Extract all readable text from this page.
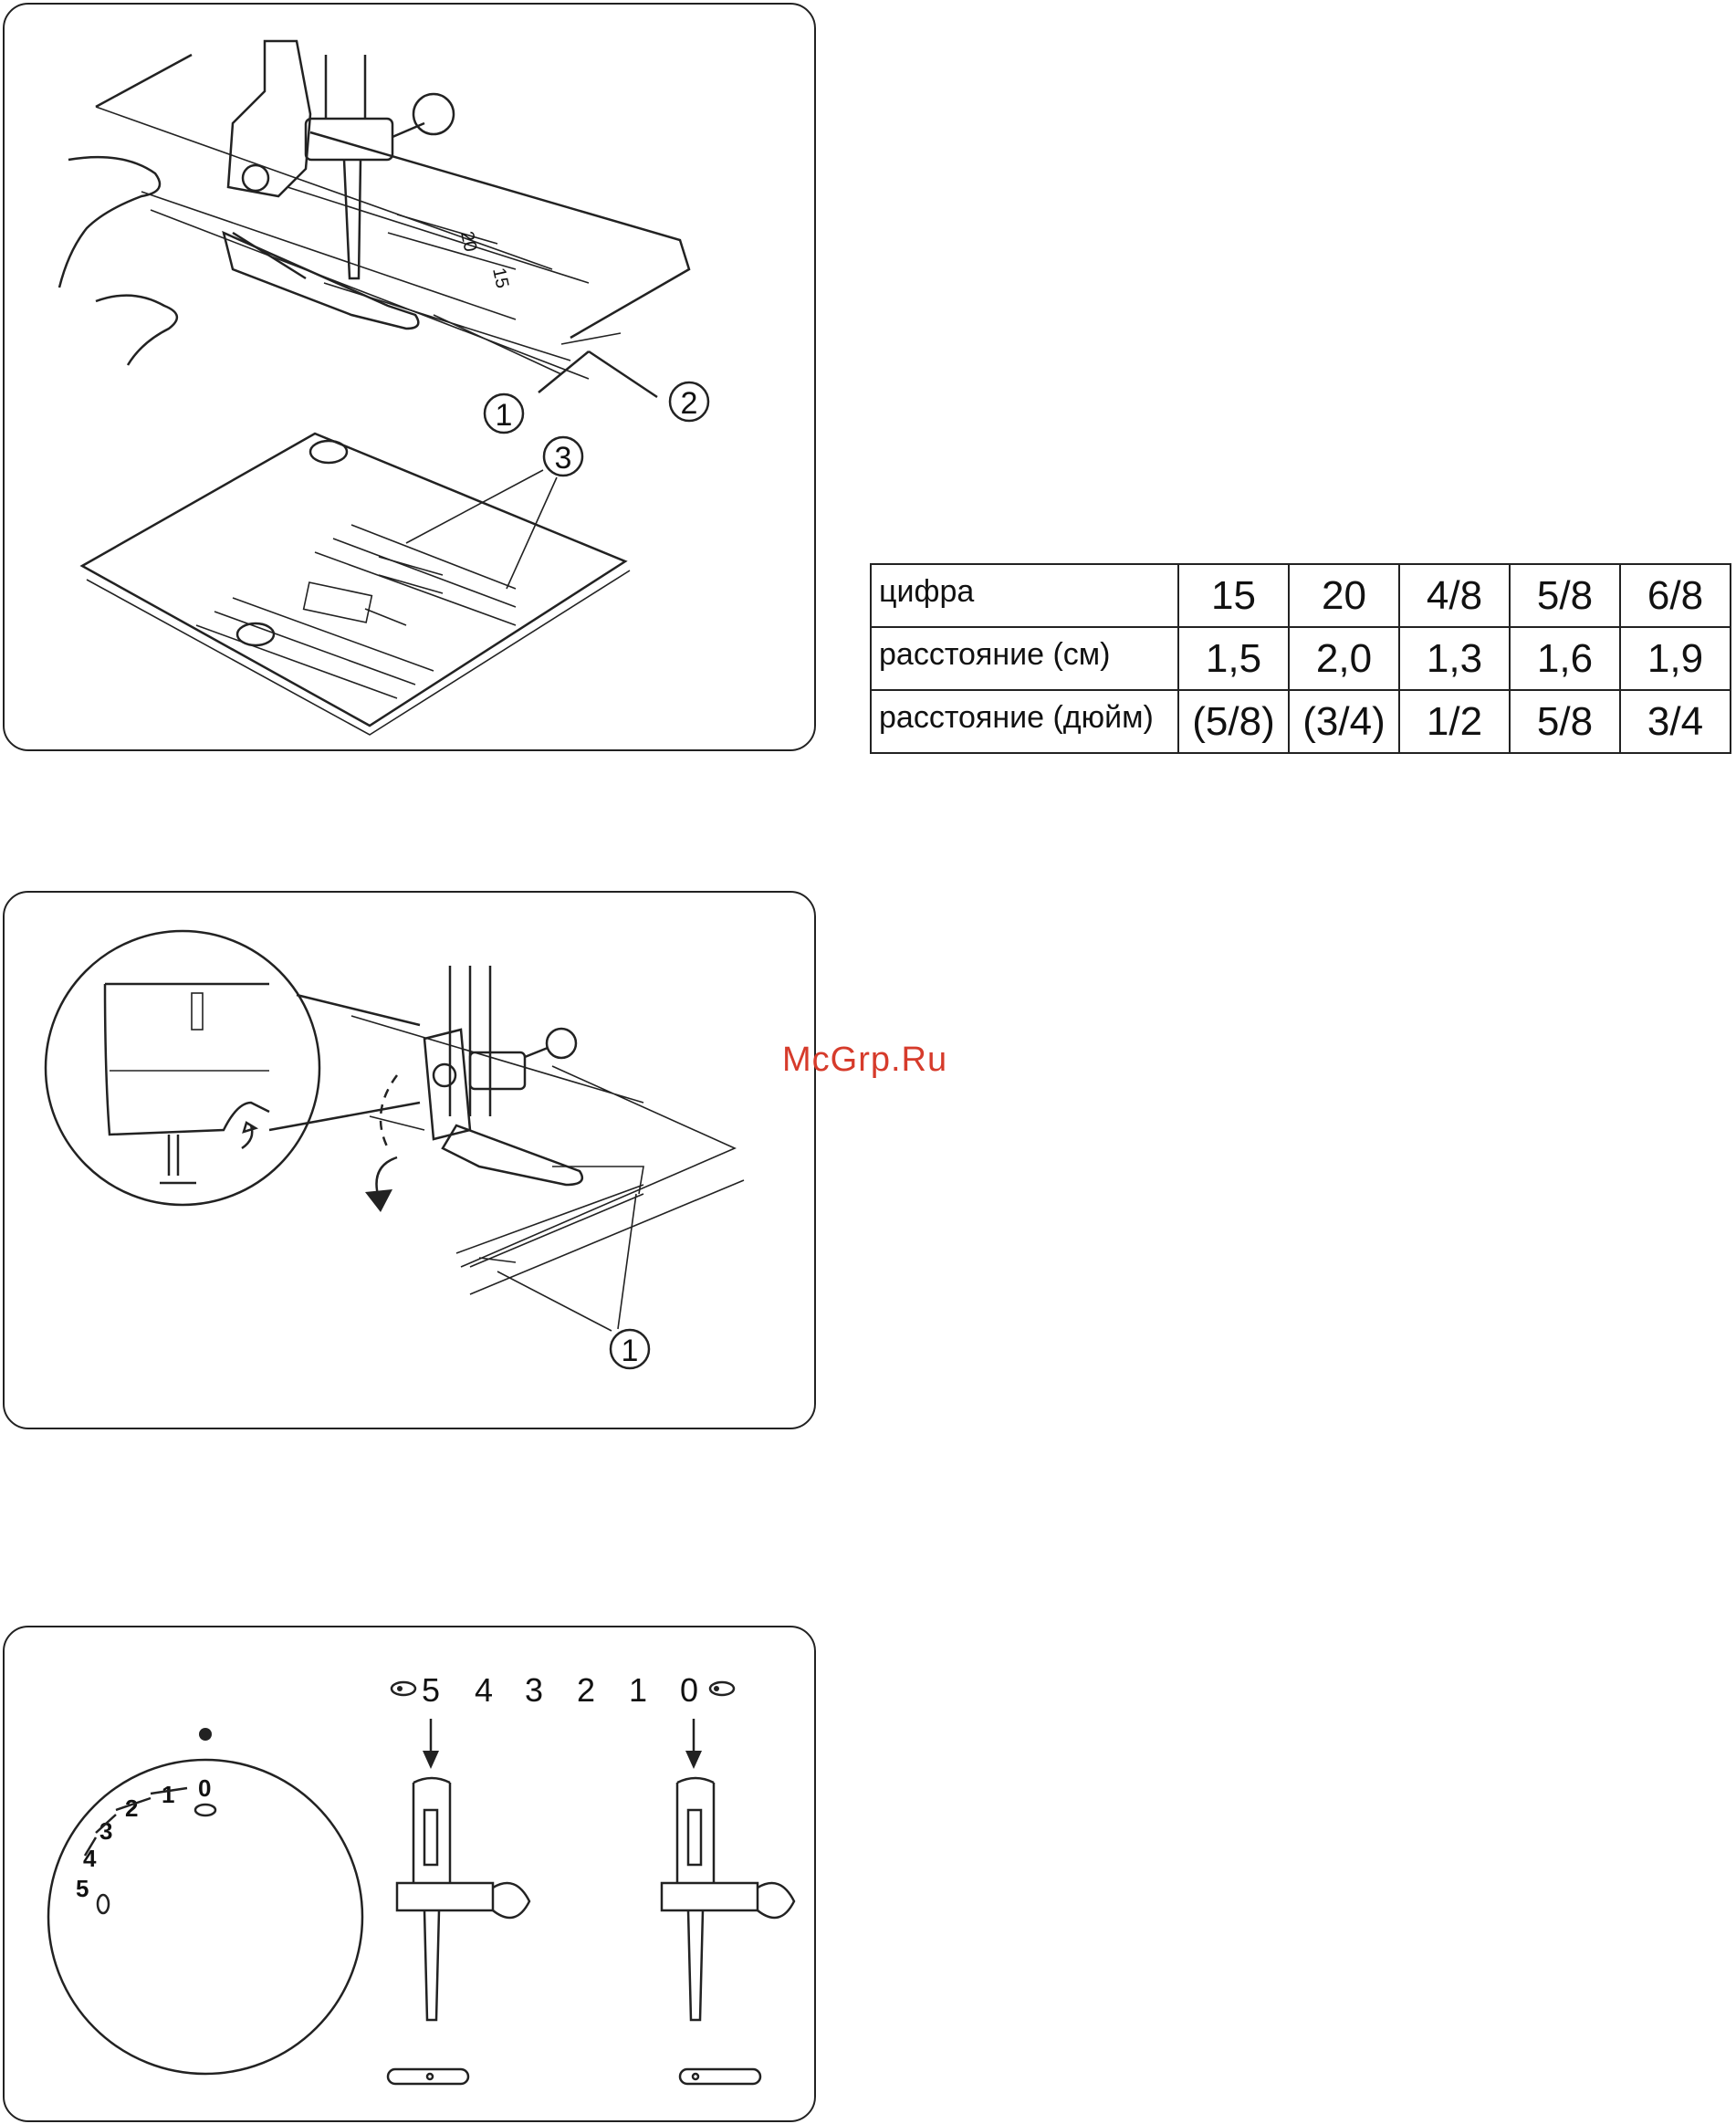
20
15
1	2
3
цифра	15	20	4/8	5/8	6/8
расстояние (см)	1,5	2,0	1,3	1,6	1,9
расстояние (дюйм)	(5/8)	(3/4)	1/2	5/8	3/4
1
McGrp.Ru
0
1
2
3
4
5
5 4 3 2 1 0
